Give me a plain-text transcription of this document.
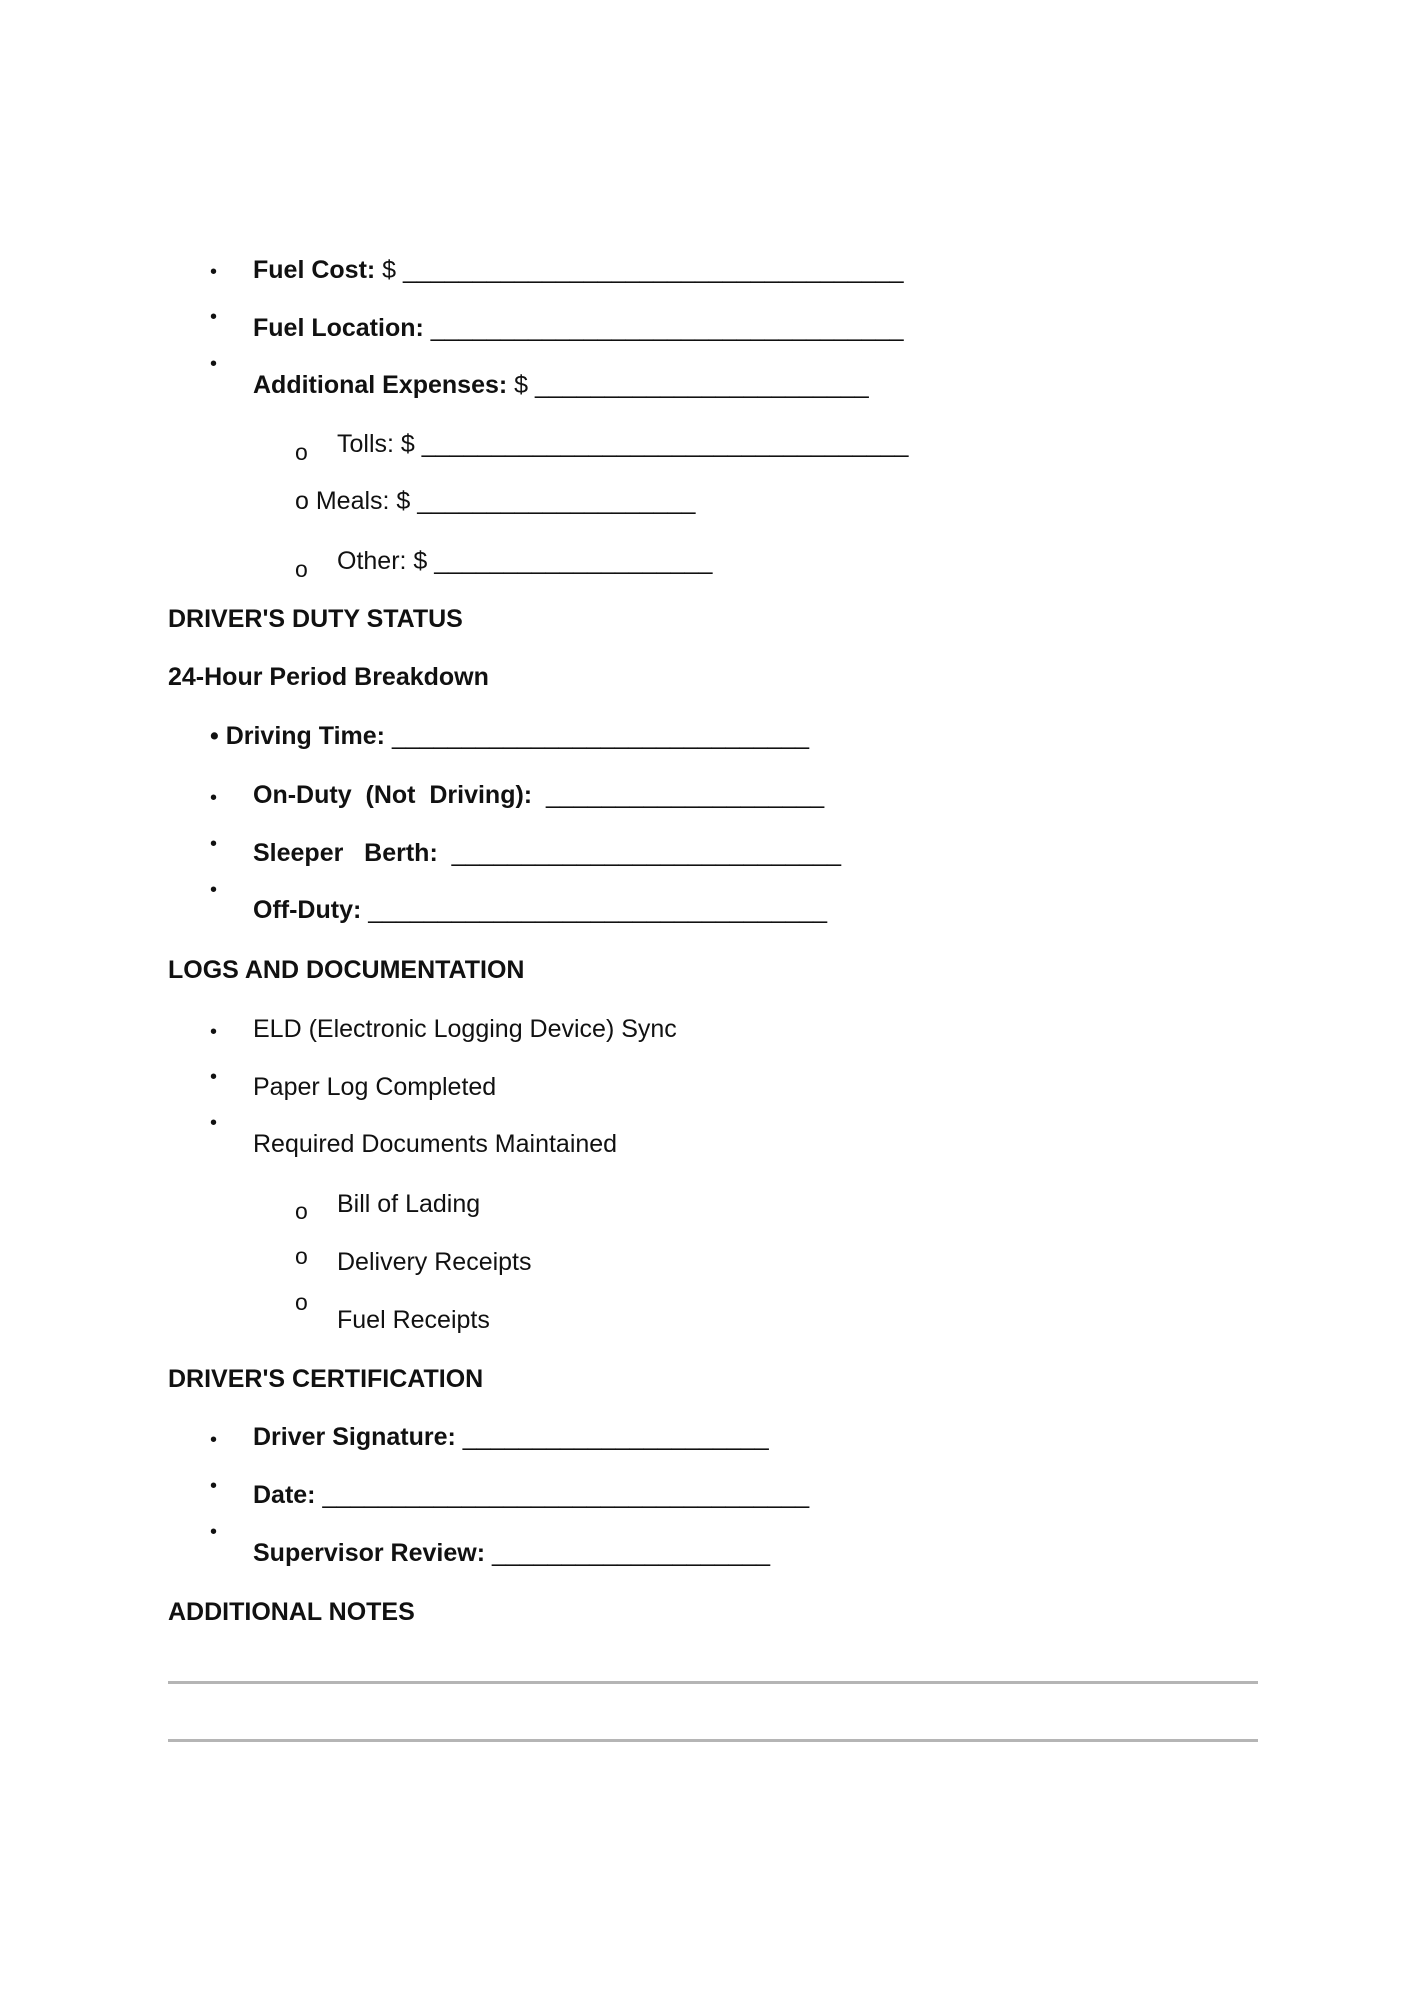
• Fuel Cost: $ ____________________________________
• Fuel Location: __________________________________
•
Additional Expenses: $ ________________________
o Tolls: $ ___________________________________
o Meals: $ ____________________
o Other: $ ____________________
DRIVER'S DUTY STATUS
24-Hour Period Breakdown
• Driving Time: ______________________________
• On-Duty  (Not  Driving):  ____________________
• Sleeper   Berth:  ____________________________
•
Off-Duty: _________________________________
LOGS AND DOCUMENTATION
• ELD (Electronic Logging Device) Sync
• Paper Log Completed
•
Required Documents Maintained
o Bill of Lading
o Delivery Receipts
o
Fuel Receipts
DRIVER'S CERTIFICATION
• Driver Signature: ______________________
• Date: ___________________________________
•
Supervisor Review: ____________________
ADDITIONAL NOTES
